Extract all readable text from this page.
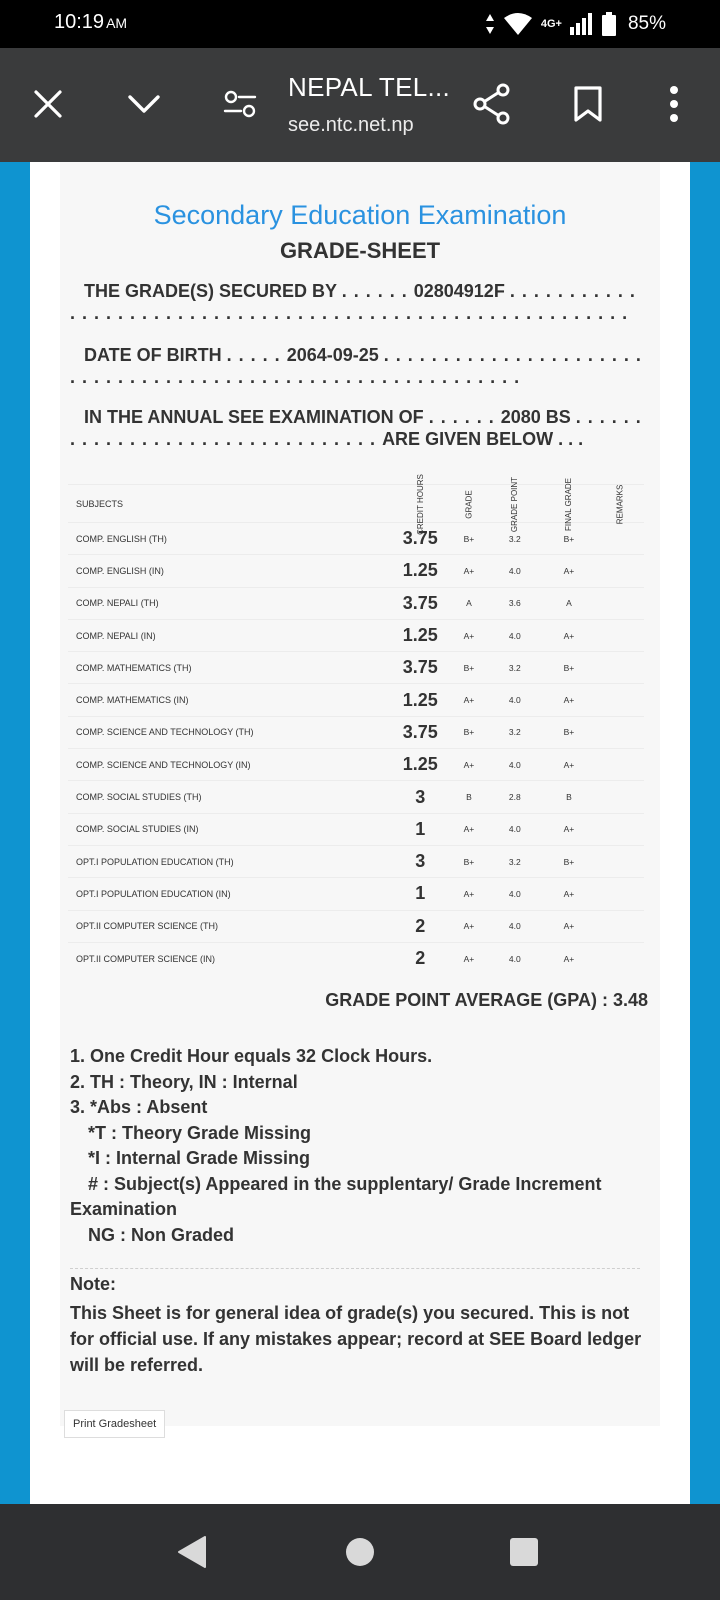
10:19 AM	4G+	85%
NEPAL TEL...
see.ntc.net.np
Secondary Education Examination
GRADE-SHEET
THE GRADE(S) SECURED BY . . . . . . 02804912F . . . . . . . . . . . . . . . . . . . . . . . . . . . . . . . . . . . . . . . . . . . . . . . . . . . . . . . . . .
DATE OF BIRTH . . . . . 2064-09-25 . . . . . . . . . . . . . . . . . . . . . . . . . . . . . . . . . . . . . . . . . . . . . . . . . . . . . . . . . . . .
IN THE ANNUAL SEE EXAMINATION OF . . . . . . 2080 BS . . . . . . . . . . . . . . . . . . . . . . . . . . . . . . . . ARE GIVEN BELOW . . .
SUBJECTS	CREDIT HOURS	GRADE	GRADE POINT	FINAL GRADE	REMARKS
COMP. ENGLISH (TH)	3.75	B+	3.2	B+	
COMP. ENGLISH (IN)	1.25	A+	4.0	A+	
COMP. NEPALI (TH)	3.75	A	3.6	A	
COMP. NEPALI (IN)	1.25	A+	4.0	A+	
COMP. MATHEMATICS (TH)	3.75	B+	3.2	B+	
COMP. MATHEMATICS (IN)	1.25	A+	4.0	A+	
COMP. SCIENCE AND TECHNOLOGY (TH)	3.75	B+	3.2	B+	
COMP. SCIENCE AND TECHNOLOGY (IN)	1.25	A+	4.0	A+	
COMP. SOCIAL STUDIES (TH)	3	B	2.8	B	
COMP. SOCIAL STUDIES (IN)	1	A+	4.0	A+	
OPT.I POPULATION EDUCATION (TH)	3	B+	3.2	B+	
OPT.I POPULATION EDUCATION (IN)	1	A+	4.0	A+	
OPT.II COMPUTER SCIENCE (TH)	2	A+	4.0	A+	
OPT.II COMPUTER SCIENCE (IN)	2	A+	4.0	A+	
GRADE POINT AVERAGE (GPA) : 3.48
1. One Credit Hour equals 32 Clock Hours.
2. TH : Theory, IN : Internal
3. *Abs : Absent
*T : Theory Grade Missing
*I : Internal Grade Missing
# : Subject(s) Appeared in the supplentary/ Grade Increment
Examination
NG : Non Graded
Note:
This Sheet is for general idea of grade(s) you secured. This is not for official use. If any mistakes appear; record at SEE Board ledger will be referred.
Print Gradesheet
